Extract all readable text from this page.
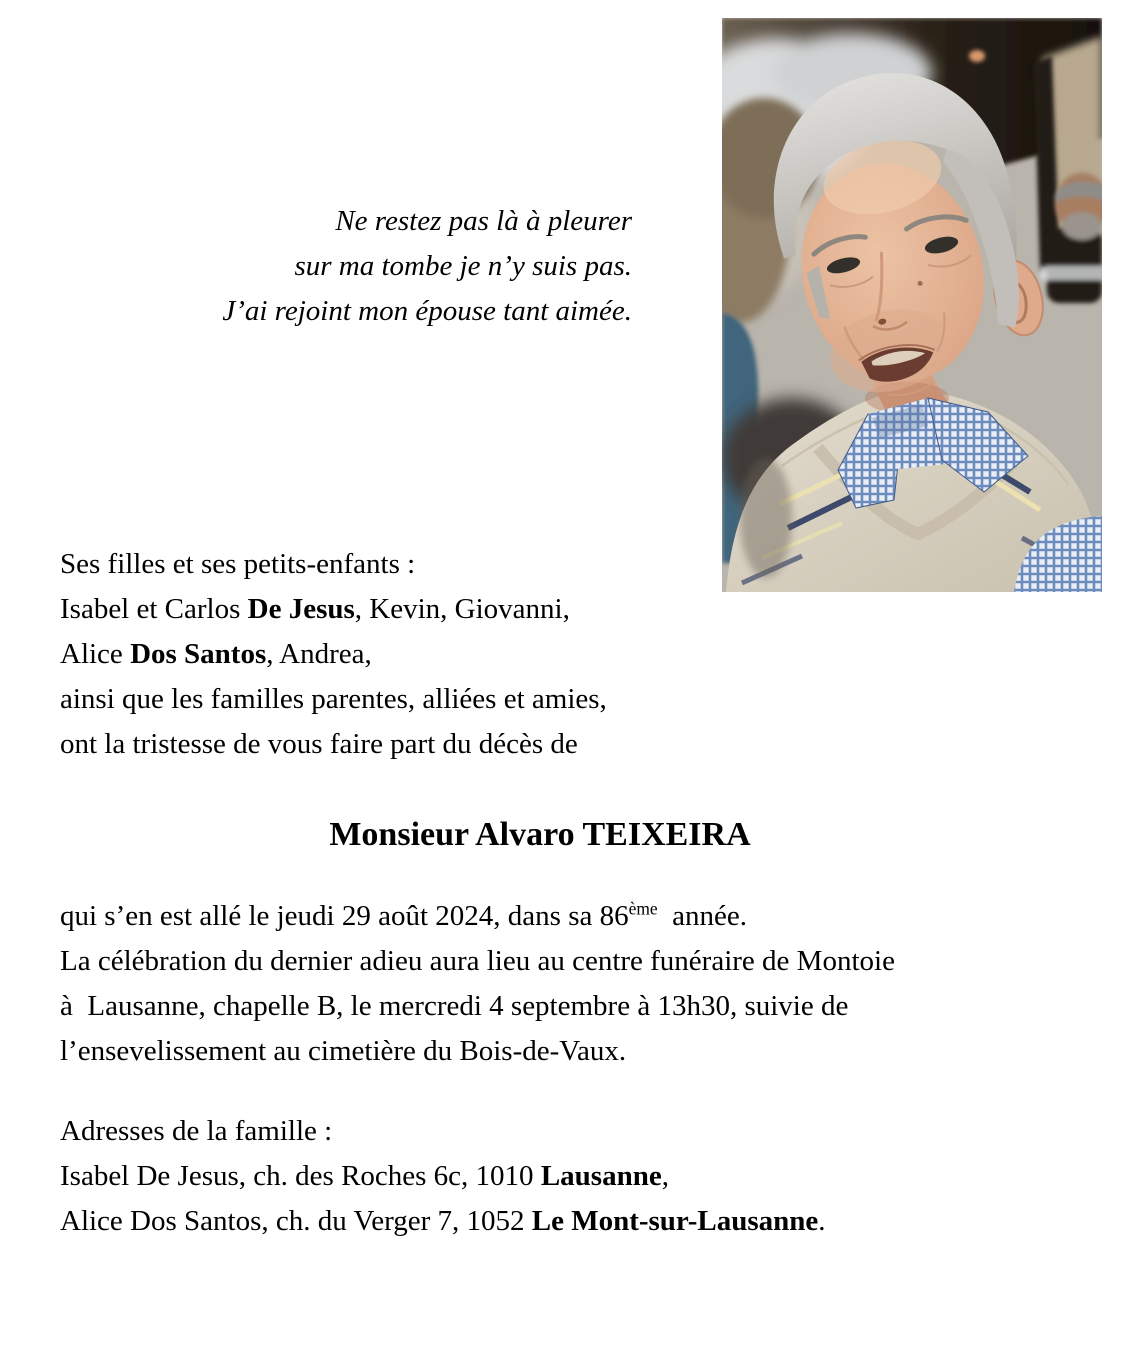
Ne restez pas là à pleurer
sur ma tombe je n’y suis pas.
J’ai rejoint mon épouse tant aimée.
Ses filles et ses petits-enfants :
Isabel et Carlos De Jesus, Kevin, Giovanni,
Alice Dos Santos, Andrea,
ainsi que les familles parentes, alliées et amies,
ont la tristesse de vous faire part du décès de
Monsieur Alvaro TEIXEIRA
qui s’en est allé le jeudi 29 août 2024, dans sa 86ème  année.
La célébration du dernier adieu aura lieu au centre funéraire de Montoie
à  Lausanne, chapelle B, le mercredi 4 septembre à 13h30, suivie de
l’ensevelissement au cimetière du Bois-de-Vaux.
Adresses de la famille :
Isabel De Jesus, ch. des Roches 6c, 1010 Lausanne,
Alice Dos Santos, ch. du Verger 7, 1052 Le Mont-sur-Lausanne.
